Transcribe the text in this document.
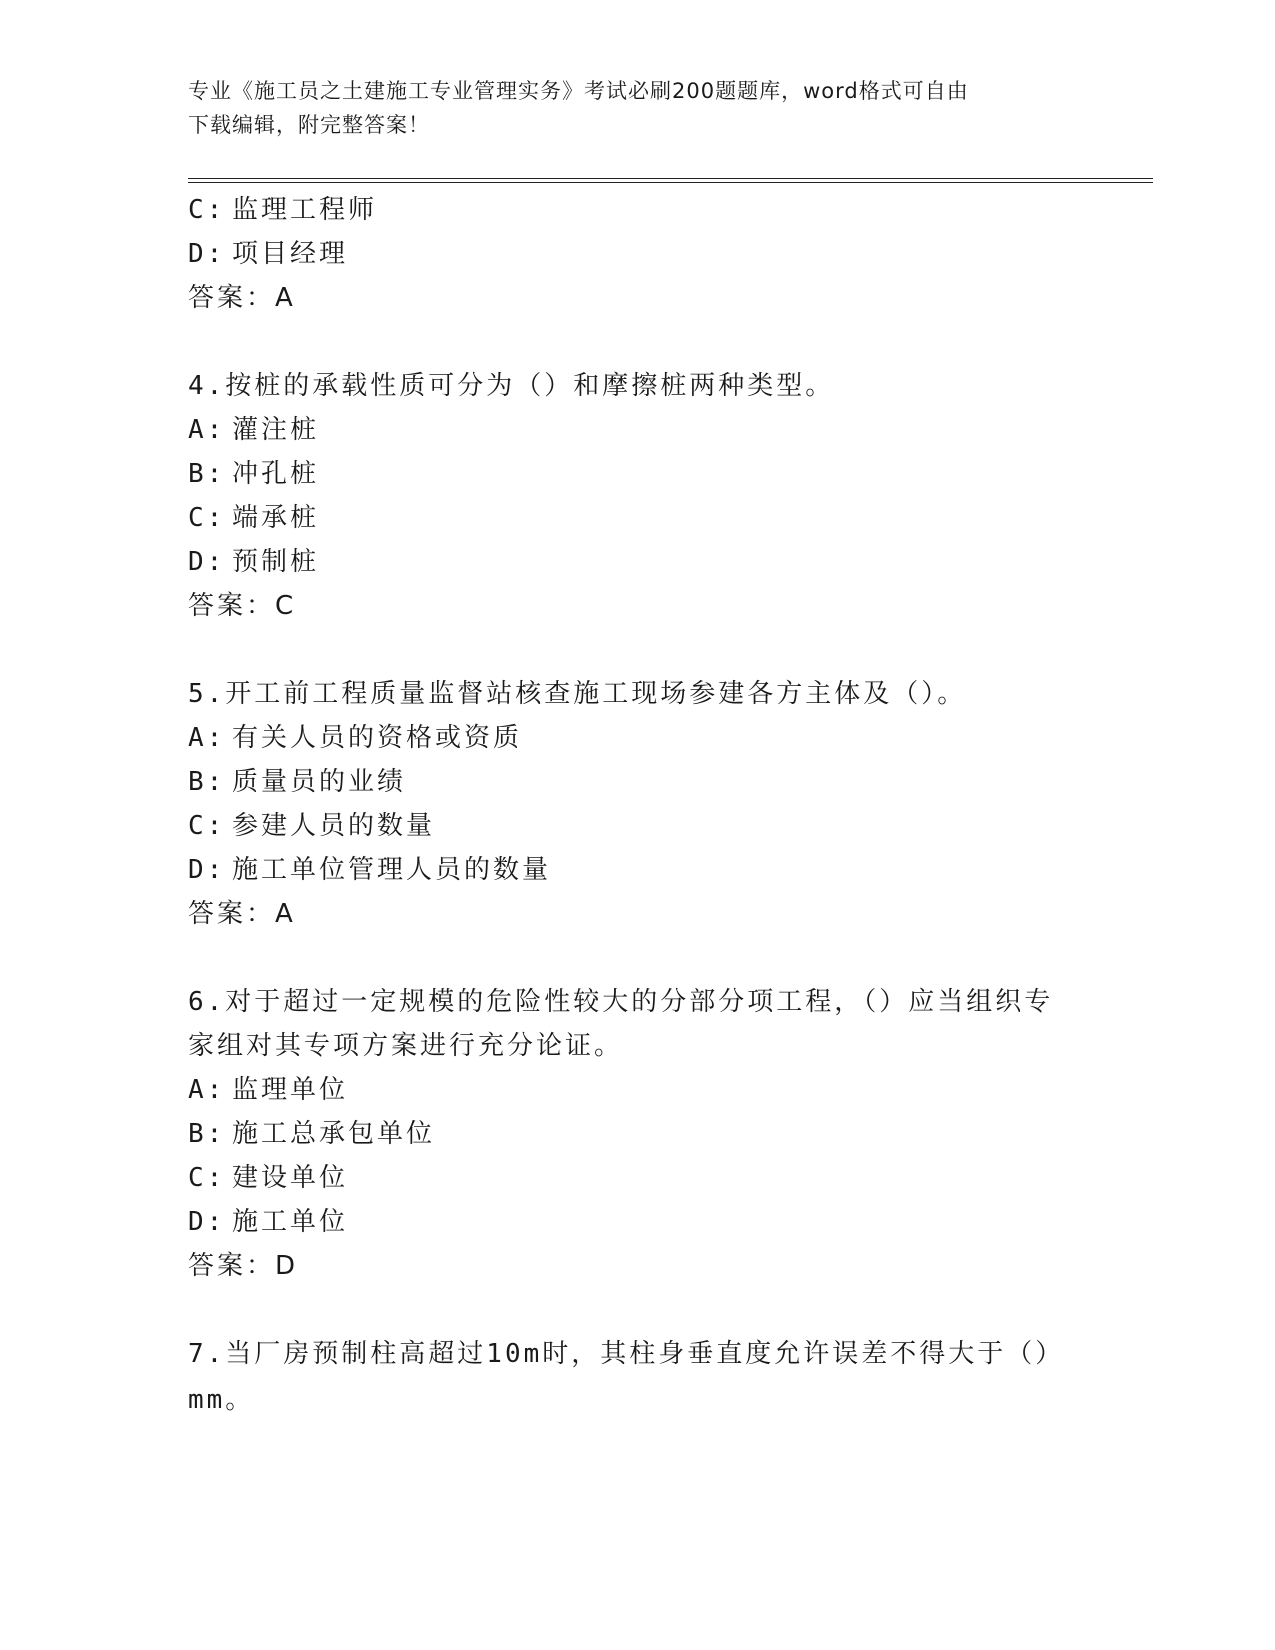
专业《施工员之土建施工专业管理实务》考试必刷200题题库，word格式可自由
下载编辑，附完整答案！
C: 监理工程师
D: 项目经理
答案：A
4.按桩的承载性质可分为（）和摩擦桩两种类型。
A: 灌注桩
B: 冲孔桩
C: 端承桩
D: 预制桩
答案：C
5.开工前工程质量监督站核查施工现场参建各方主体及（）。
A: 有关人员的资格或资质
B: 质量员的业绩
C: 参建人员的数量
D: 施工单位管理人员的数量
答案：A
6.对于超过一定规模的危险性较大的分部分项工程，（）应当组织专
家组对其专项方案进行充分论证。
A: 监理单位
B: 施工总承包单位
C: 建设单位
D: 施工单位
答案：D
7.当厂房预制柱高超过10m时，其柱身垂直度允许误差不得大于（）
mm。
